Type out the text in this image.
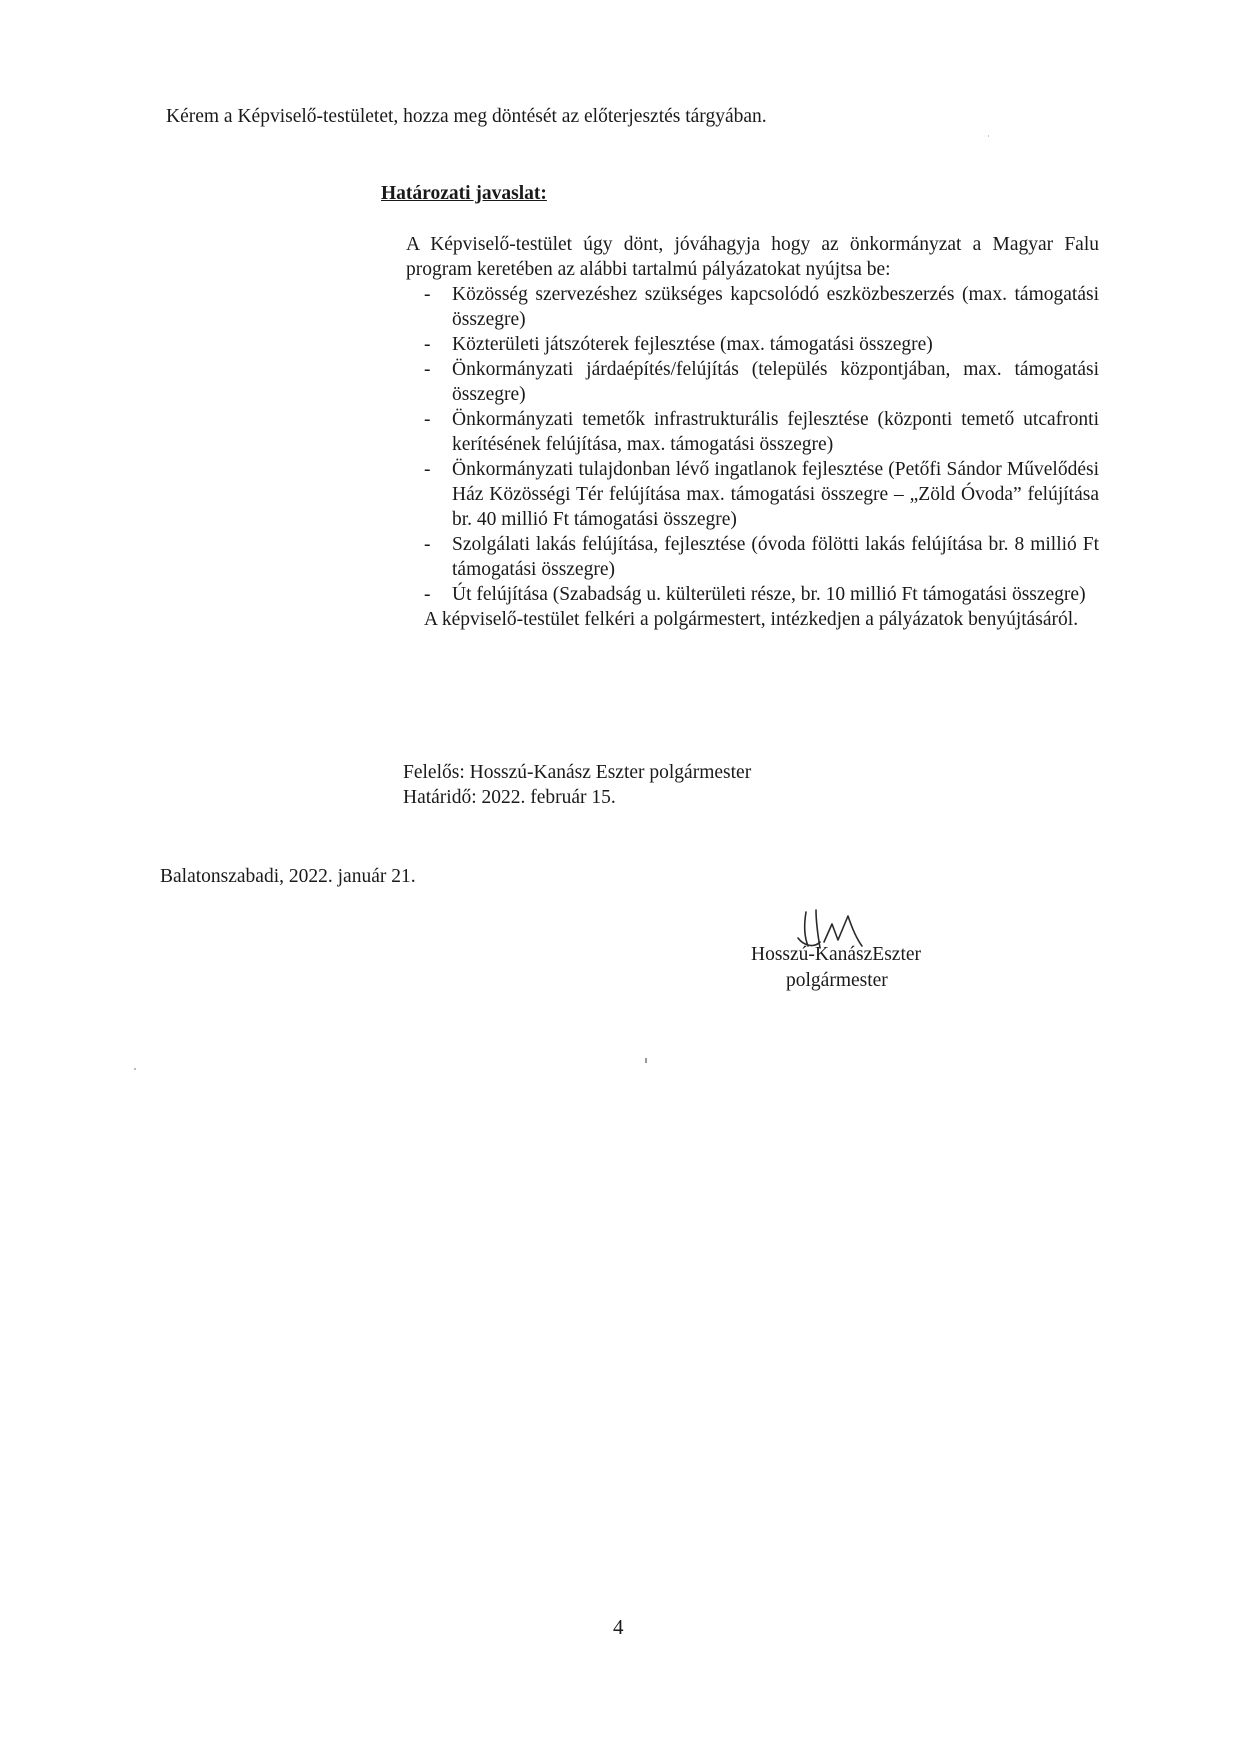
Kérem a Képviselő-testületet, hozza meg döntését az előterjesztés tárgyában.
Határozati javaslat:

A Képviselő-testület úgy dönt, jóváhagyja hogy az önkormányzat a Magyar Falu program keretében az alábbi tartalmú pályázatokat nyújtsa be:

- Közösség szervezéshez szükséges kapcsolódó eszközbeszerzés (max. támogatási összegre)
- Közterületi játszóterek fejlesztése (max. támogatási összegre)
- Önkormányzati járdaépítés/felújítás (település központjában, max. támogatási összegre)
- Önkormányzati temetők infrastrukturális fejlesztése (központi temető utcafronti kerítésének felújítása, max. támogatási összegre)
- Önkormányzati tulajdonban lévő ingatlanok fejlesztése (Petőfi Sándor Művelődési Ház Közösségi Tér felújítása max. támogatási összegre – „Zöld Óvoda” felújítása br. 40 millió Ft támogatási összegre)
- Szolgálati lakás felújítása, fejlesztése (óvoda fölötti lakás felújítása br. 8 millió Ft támogatási összegre)
- Út felújítása (Szabadság u. külterületi része, br. 10 millió Ft támogatási összegre)

A képviselő-testület felkéri a polgármestert, intézkedjen a pályázatok benyújtásáról.

Felelős: Hosszú-Kanász Eszter polgármester
Határidő: 2022. február 15.
Balatonszabadi, 2022. január 21.
Hosszú-KanászEszter
polgármester
4
